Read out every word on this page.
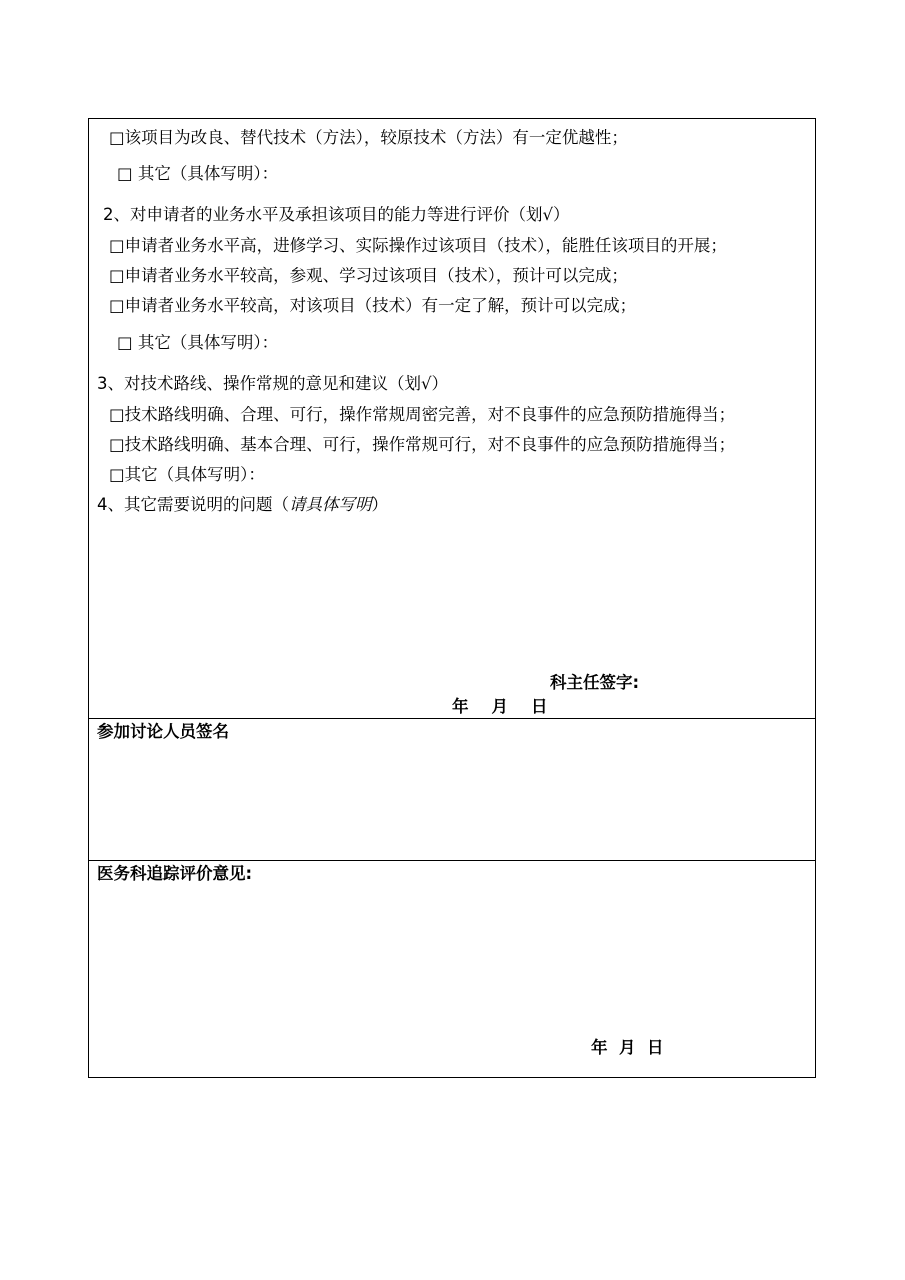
□该项目为改良、替代技术（方法），较原技术（方法）有一定优越性；
□ 其它（具体写明）：
2、对申请者的业务水平及承担该项目的能力等进行评价（划√）
□申请者业务水平高，进修学习、实际操作过该项目（技术），能胜任该项目的开展；
□申请者业务水平较高，参观、学习过该项目（技术），预计可以完成；
□申请者业务水平较高，对该项目（技术）有一定了解，预计可以完成；
□ 其它（具体写明）：
3、对技术路线、操作常规的意见和建议（划√）
□技术路线明确、合理、可行，操作常规周密完善，对不良事件的应急预防措施得当；
□技术路线明确、基本合理、可行，操作常规可行，对不良事件的应急预防措施得当；
□其它（具体写明）：
4、其它需要说明的问题（请具体写明）
科主任签字:
年    月    日
参加讨论人员签名
医务科追踪评价意见:
年  月  日
